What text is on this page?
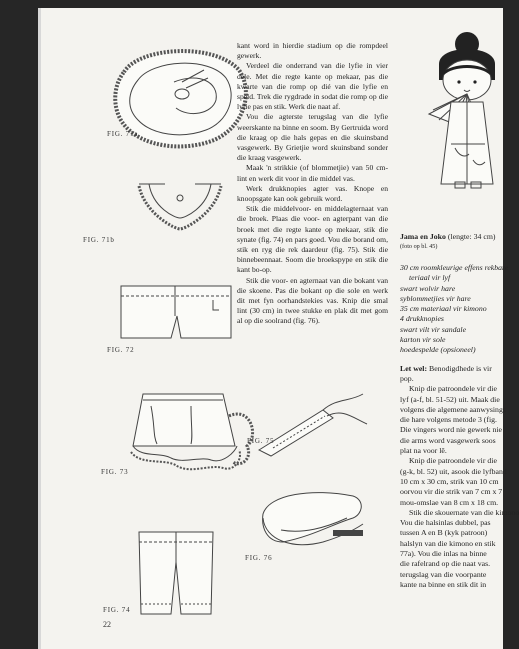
FIG. 71a
FIG. 71b
FIG. 72
FIG. 73
FIG. 74
FIG. 75
FIG. 76
22

kant word in hierdie stadium op die rompdeel gewerk.

Verdeel die onderrand van die lyfie in vier dele. Met die regte kante op mekaar, pas die kwarte van die romp op dié van die lyfie en speld. Trek die rygdrade in sodat die romp op die lyfie pas en stik. Werk die naat af.

Vou die agterste terugslag van die lyfie weerskante na binne en soom. By Gertruida word die kraag op die hals gepas en die skuinsband vasgewerk. By Grietjie word skuinsband sonder die kraag vasgewerk.

Maak 'n strikkie (of blommetjie) van 50 cm-lint en werk dit voor in die middel vas.

Werk drukknopies agter vas. Knope en knoopsgate kan ook gebruik word.

Stik die middelvoor- en middelagternaat van die broek. Plaas die voor- en agterpant van die broek met die regte kante op mekaar, stik die synate (fig. 74) en pars goed. Vou die borand om, stik en ryg die rek daardeur (fig. 75). Stik die binnebeennaat. Soom die broekspype en stik die kant bo-op.

Stik die voor- en agternaat van die bokant van die skoene. Pas die bokant op die sole en werk dit met fyn oorhandstekies vas. Knip die smal lint (30 cm) in twee stukke en plak dit met gom al op die soolrand (fig. 76).

Jama en Joko (lengte: 34 cm)
(foto op bl. 45)
30 cm roomkleurige effens rekbare
teriaal vir lyf
swart wolvir hare
syblommetjies vir hare
35 cm materiaal vir kimono
4 drukknopies
swart vilt vir sandale
karton vir sole
hoedespelde (opsioneel)
Let wel: Benodigdhede is vir
pop.
Knip die patroondele vir die
lyf (a-f, bl. 51-52) uit. Maak die
volgens die algemene aanwysings
die hare volgens metode 3 (fig.
Die vingers word nie gewerk nie
die arms word vasgewerk soos
plat na voor lê.
Knip die patroondele vir die
(g-k, bl. 52) uit, asook die lyfband
10 cm x 30 cm, strik van 10 cm
oorvou vir die strik van 7 cm x 7
mou-omslae van 8 cm x 18 cm.
Stik die skouernate van die kimono
Vou die halsinlas dubbel, pas
tussen A en B (kyk patroon)
halslyn van die kimono en stik
77a). Vou die inlas na binne
die rafelrand op die naat vas.
terugslag van die voorpante
kante na binne en stik dit in
